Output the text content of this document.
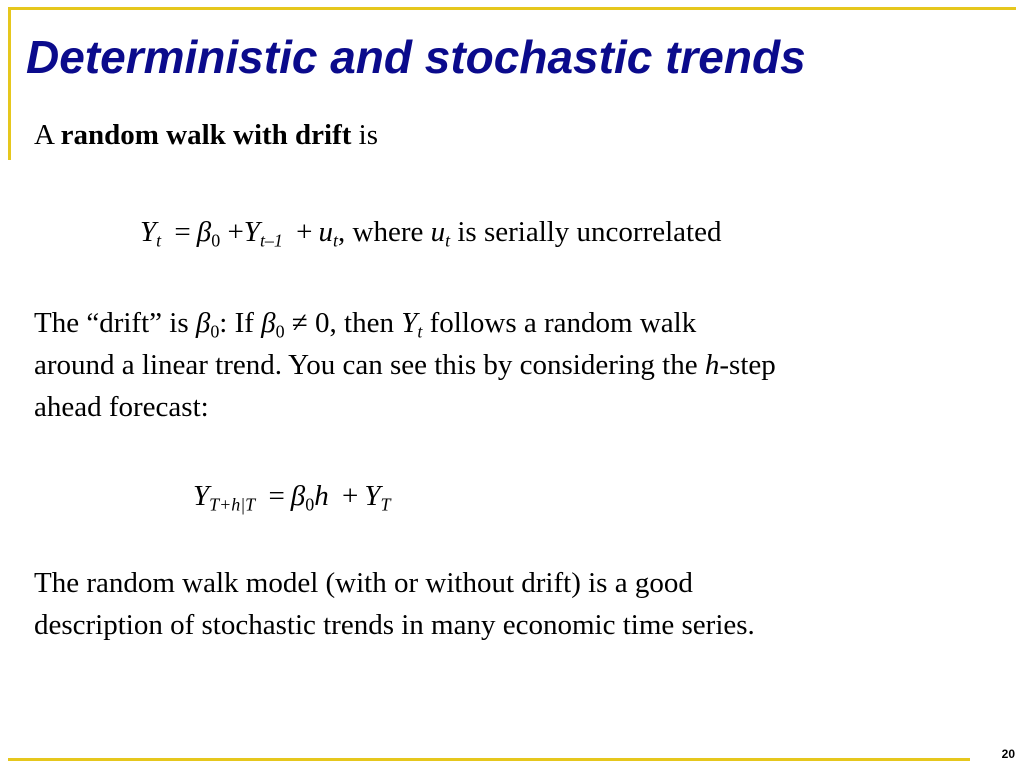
Deterministic and stochastic trends
A random walk with drift is
$Y_t = \beta_0 +Y_{t-1} + u_t$, where $u_t$ is serially uncorrelated
The “drift” is $\beta_0$: If $\beta_0 \ne 0$, then $Y_t$ follows a random walk
around a linear trend. You can see this by considering the h-step
ahead forecast:
$Y_{T+h|T} = \beta_0h + Y_T$
The random walk model (with or without drift) is a good
description of stochastic trends in many economic time series.
20
